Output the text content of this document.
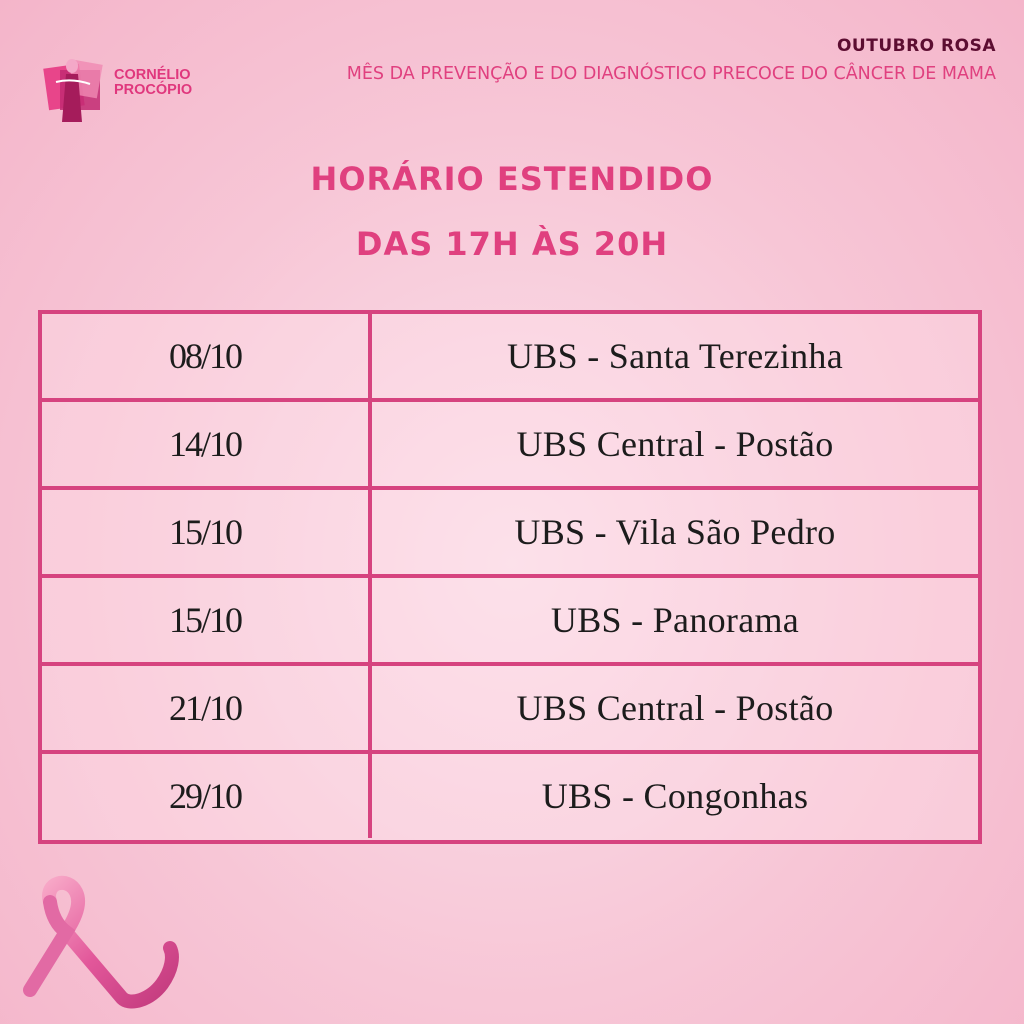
CORNÉLIO
PROCÓPIO
OUTUBRO ROSA
MÊS DA PREVENÇÃO E DO DIAGNÓSTICO PRECOCE DO CÂNCER DE MAMA
HORÁRIO ESTENDIDO
DAS 17H ÀS 20H
08/10	UBS - Santa Terezinha
14/10	UBS Central - Postão
15/10	UBS - Vila São Pedro
15/10	UBS - Panorama
21/10	UBS Central - Postão
29/10	UBS - Congonhas
